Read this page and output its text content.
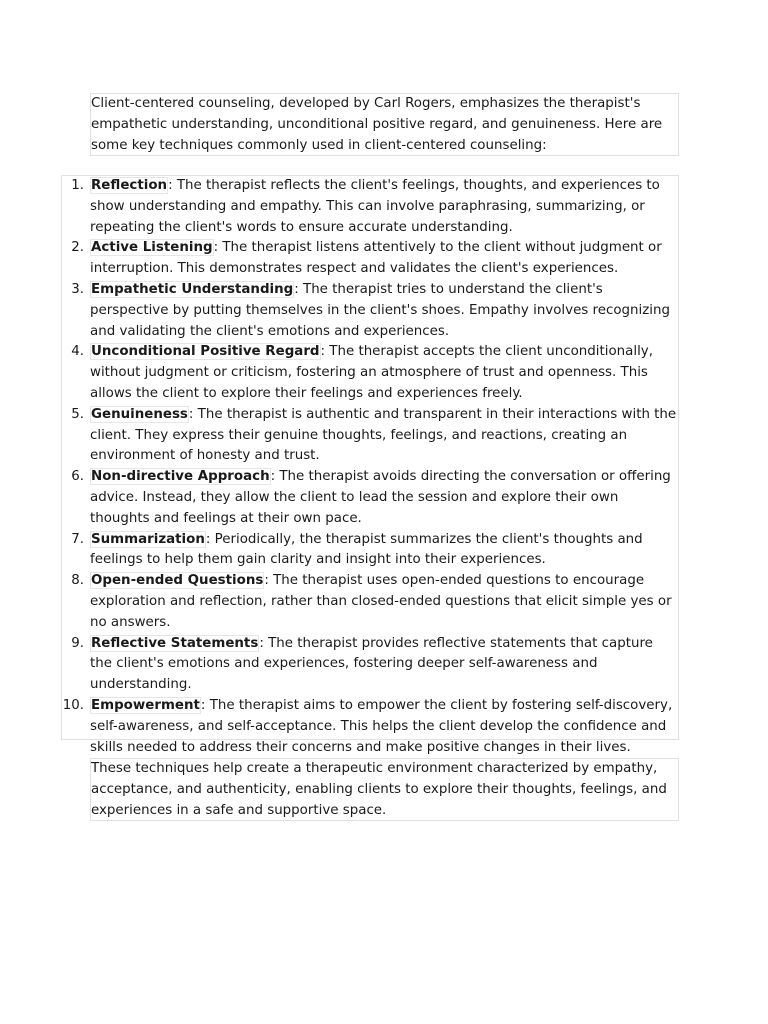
Client-centered counseling, developed by Carl Rogers, emphasizes the therapist's empathetic understanding, unconditional positive regard, and genuineness. Here are some key techniques commonly used in client-centered counseling:

1. Reflection: The therapist reflects the client's feelings, thoughts, and experiences to show understanding and empathy. This can involve paraphrasing, summarizing, or repeating the client's words to ensure accurate understanding.
2. Active Listening: The therapist listens attentively to the client without judgment or interruption. This demonstrates respect and validates the client's experiences.
3. Empathetic Understanding: The therapist tries to understand the client's perspective by putting themselves in the client's shoes. Empathy involves recognizing and validating the client's emotions and experiences.
4. Unconditional Positive Regard: The therapist accepts the client unconditionally, without judgment or criticism, fostering an atmosphere of trust and openness. This allows the client to explore their feelings and experiences freely.
5. Genuineness: The therapist is authentic and transparent in their interactions with the client. They express their genuine thoughts, feelings, and reactions, creating an environment of honesty and trust.
6. Non-directive Approach: The therapist avoids directing the conversation or offering advice. Instead, they allow the client to lead the session and explore their own thoughts and feelings at their own pace.
7. Summarization: Periodically, the therapist summarizes the client's thoughts and feelings to help them gain clarity and insight into their experiences.
8. Open-ended Questions: The therapist uses open-ended questions to encourage exploration and reflection, rather than closed-ended questions that elicit simple yes or no answers.
9. Reflective Statements: The therapist provides reflective statements that capture the client's emotions and experiences, fostering deeper self-awareness and understanding.
10. Empowerment: The therapist aims to empower the client by fostering self-discovery, self-awareness, and self-acceptance. This helps the client develop the confidence and skills needed to address their concerns and make positive changes in their lives.

These techniques help create a therapeutic environment characterized by empathy, acceptance, and authenticity, enabling clients to explore their thoughts, feelings, and experiences in a safe and supportive space.
